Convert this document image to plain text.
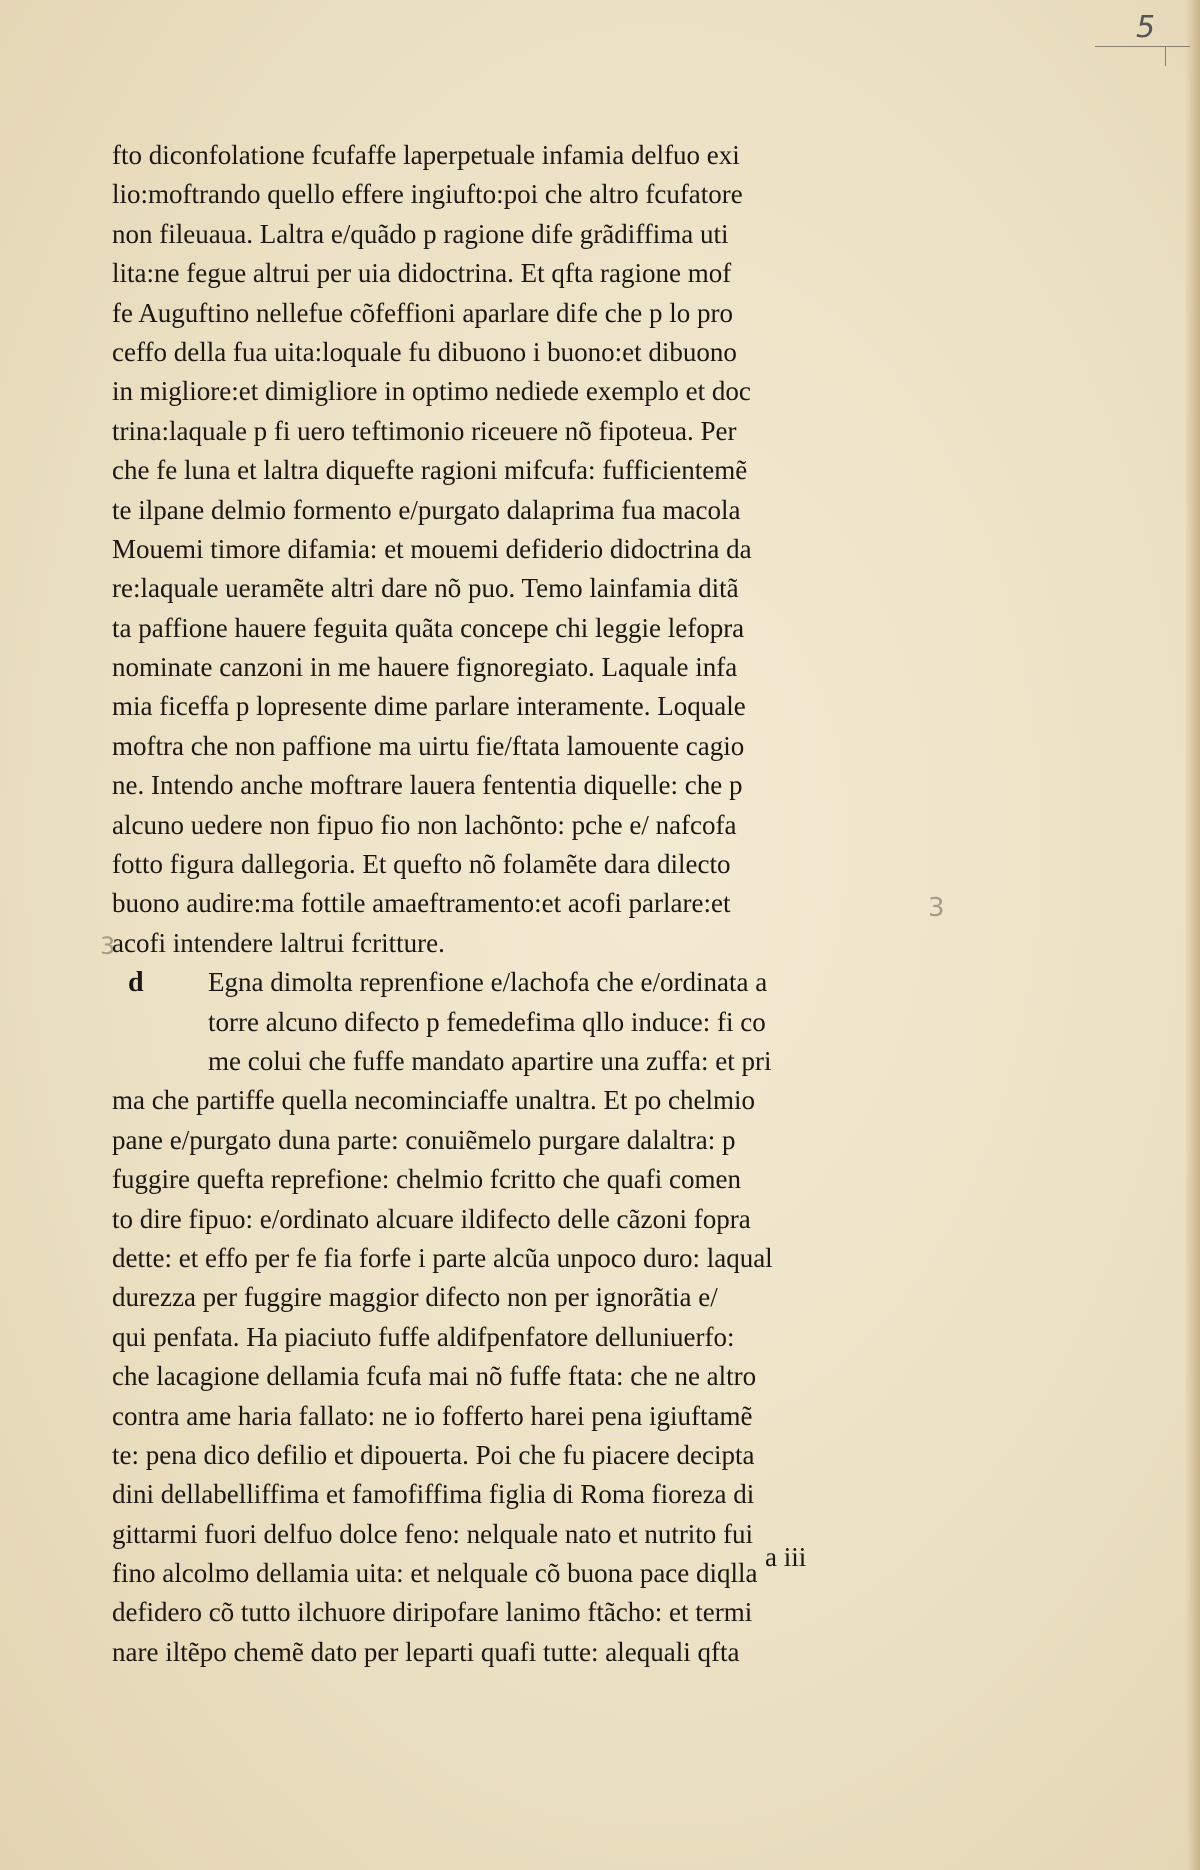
5
3
3
fto diconfolatione fcufaffe laperpetuale infamia delfuo exi
lio:moftrando quello effere ingiufto:poi che altro fcufatore
non fileuaua. Laltra e/quãdo p ragione dife grãdiffima uti
lita:ne fegue altrui per uia didoctrina. Et qfta ragione mof
fe Auguftino nellefue cõfeffioni aparlare dife che p lo pro
ceffo della fua uita:loquale fu dibuono i buono:et dibuono
in migliore:et dimigliore in optimo nediede exemplo et doc
trina:laquale p fi uero teftimonio riceuere nõ fipoteua. Per
che fe luna et laltra diquefte ragioni mifcufa: fufficientemẽ
te ilpane delmio formento e/purgato dalaprima fua macola
Mouemi timore difamia: et mouemi defiderio didoctrina da
re:laquale ueramẽte altri dare nõ puo. Temo lainfamia ditã
ta paffione hauere feguita quãta concepe chi leggie lefopra
nominate canzoni in me hauere fignoregiato. Laquale infa
mia ficeffa p lopresente dime parlare interamente. Loquale
moftra che non paffione ma uirtu fie/ftata lamouente cagio
ne. Intendo anche moftrare lauera fententia diquelle: che p
alcuno uedere non fipuo fio non lachõnto: pche e/ nafcofa
fotto figura dallegoria. Et quefto nõ folamẽte dara dilecto
buono audire:ma fottile amaeftramento:et acofi parlare:et
acofi intendere laltrui fcritture.
d	Egna dimolta reprenfione e/lachofa che e/ordinata a
torre alcuno difecto p femedefima qllo induce: fi co
me colui che fuffe mandato apartire una zuffa: et pri
ma che partiffe quella necominciaffe unaltra. Et po chelmio
pane e/purgato duna parte: conuiẽmelo purgare dalaltra: p
fuggire quefta reprefione: chelmio fcritto che quafi comen
to dire fipuo: e/ordinato alcuare ildifecto delle cãzoni fopra
dette: et effo per fe fia forfe i parte alcũa unpoco duro: laqual
durezza per fuggire maggior difecto non per ignorãtia e/
qui penfata. Ha piaciuto fuffe aldifpenfatore delluniuerfo:
che lacagione dellamia fcufa mai nõ fuffe ftata: che ne altro
contra ame haria fallato: ne io fofferto harei pena igiuftamẽ
te: pena dico defilio et dipouerta. Poi che fu piacere decipta
dini dellabelliffima et famofiffima figlia di Roma fioreza di
gittarmi fuori delfuo dolce feno: nelquale nato et nutrito fui
fino alcolmo dellamia uita: et nelquale cõ buona pace diqlla
defidero cõ tutto ilchuore diripofare lanimo ftãcho: et termi
nare iltẽpo chemẽ dato per leparti quafi tutte: alequali qfta
a iii
